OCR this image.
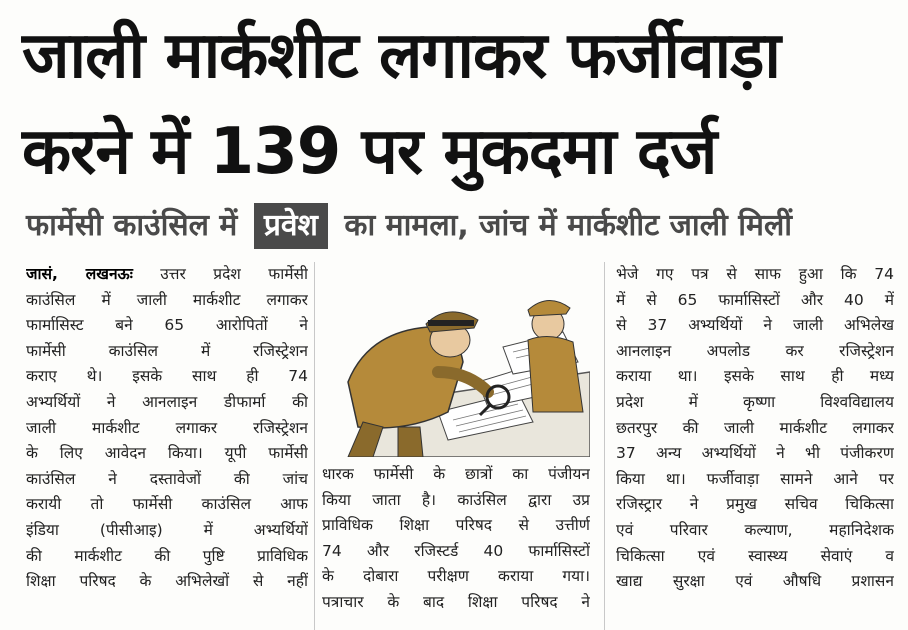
जाली मार्कशीट लगाकर फर्जीवाड़ा
करने में 139 पर मुकदमा दर्ज
फार्मेसी काउंसिल में प्रवेश का मामला, जांच में मार्कशीट जाली मिलीं
जासं, लखनऊः उत्तर प्रदेश फार्मेसी
काउंसिल में जाली मार्कशीट लगाकर
फार्मासिस्ट बने 65 आरोपितों ने
फार्मेसी काउंसिल में रजिस्ट्रेशन
कराए थे। इसके साथ ही 74
अभ्यर्थियों ने आनलाइन डीफार्मा की
जाली मार्कशीट लगाकर रजिस्ट्रेशन
के लिए आवेदन किया। यूपी फार्मेसी
काउंसिल ने दस्तावेजों की जांच
करायी तो फार्मेसी काउंसिल आफ
इंडिया (पीसीआइ) में अभ्यर्थियों
की मार्कशीट की पुष्टि प्राविधिक
शिक्षा परिषद के अभिलेखों से नहीं
धारक फार्मेसी के छात्रों का पंजीयन
किया जाता है। काउंसिल द्वारा उप्र
प्राविधिक शिक्षा परिषद से उत्तीर्ण
74 और रजिस्टर्ड 40 फार्मासिस्टों
के दोबारा परीक्षण कराया गया।
पत्राचार के बाद शिक्षा परिषद ने
भेजे गए पत्र से साफ हुआ कि 74
में से 65 फार्मासिस्टों और 40 में
से 37 अभ्यर्थियों ने जाली अभिलेख
आनलाइन अपलोड कर रजिस्ट्रेशन
कराया था। इसके साथ ही मध्य
प्रदेश में कृष्णा विश्वविद्यालय
छतरपुर की जाली मार्कशीट लगाकर
37 अन्य अभ्यर्थियों ने भी पंजीकरण
किया था। फर्जीवाड़ा सामने आने पर
रजिस्ट्रार ने प्रमुख सचिव चिकित्सा
एवं परिवार कल्याण, महानिदेशक
चिकित्सा एवं स्वास्थ्य सेवाएं व
खाद्य सुरक्षा एवं औषधि प्रशासन
